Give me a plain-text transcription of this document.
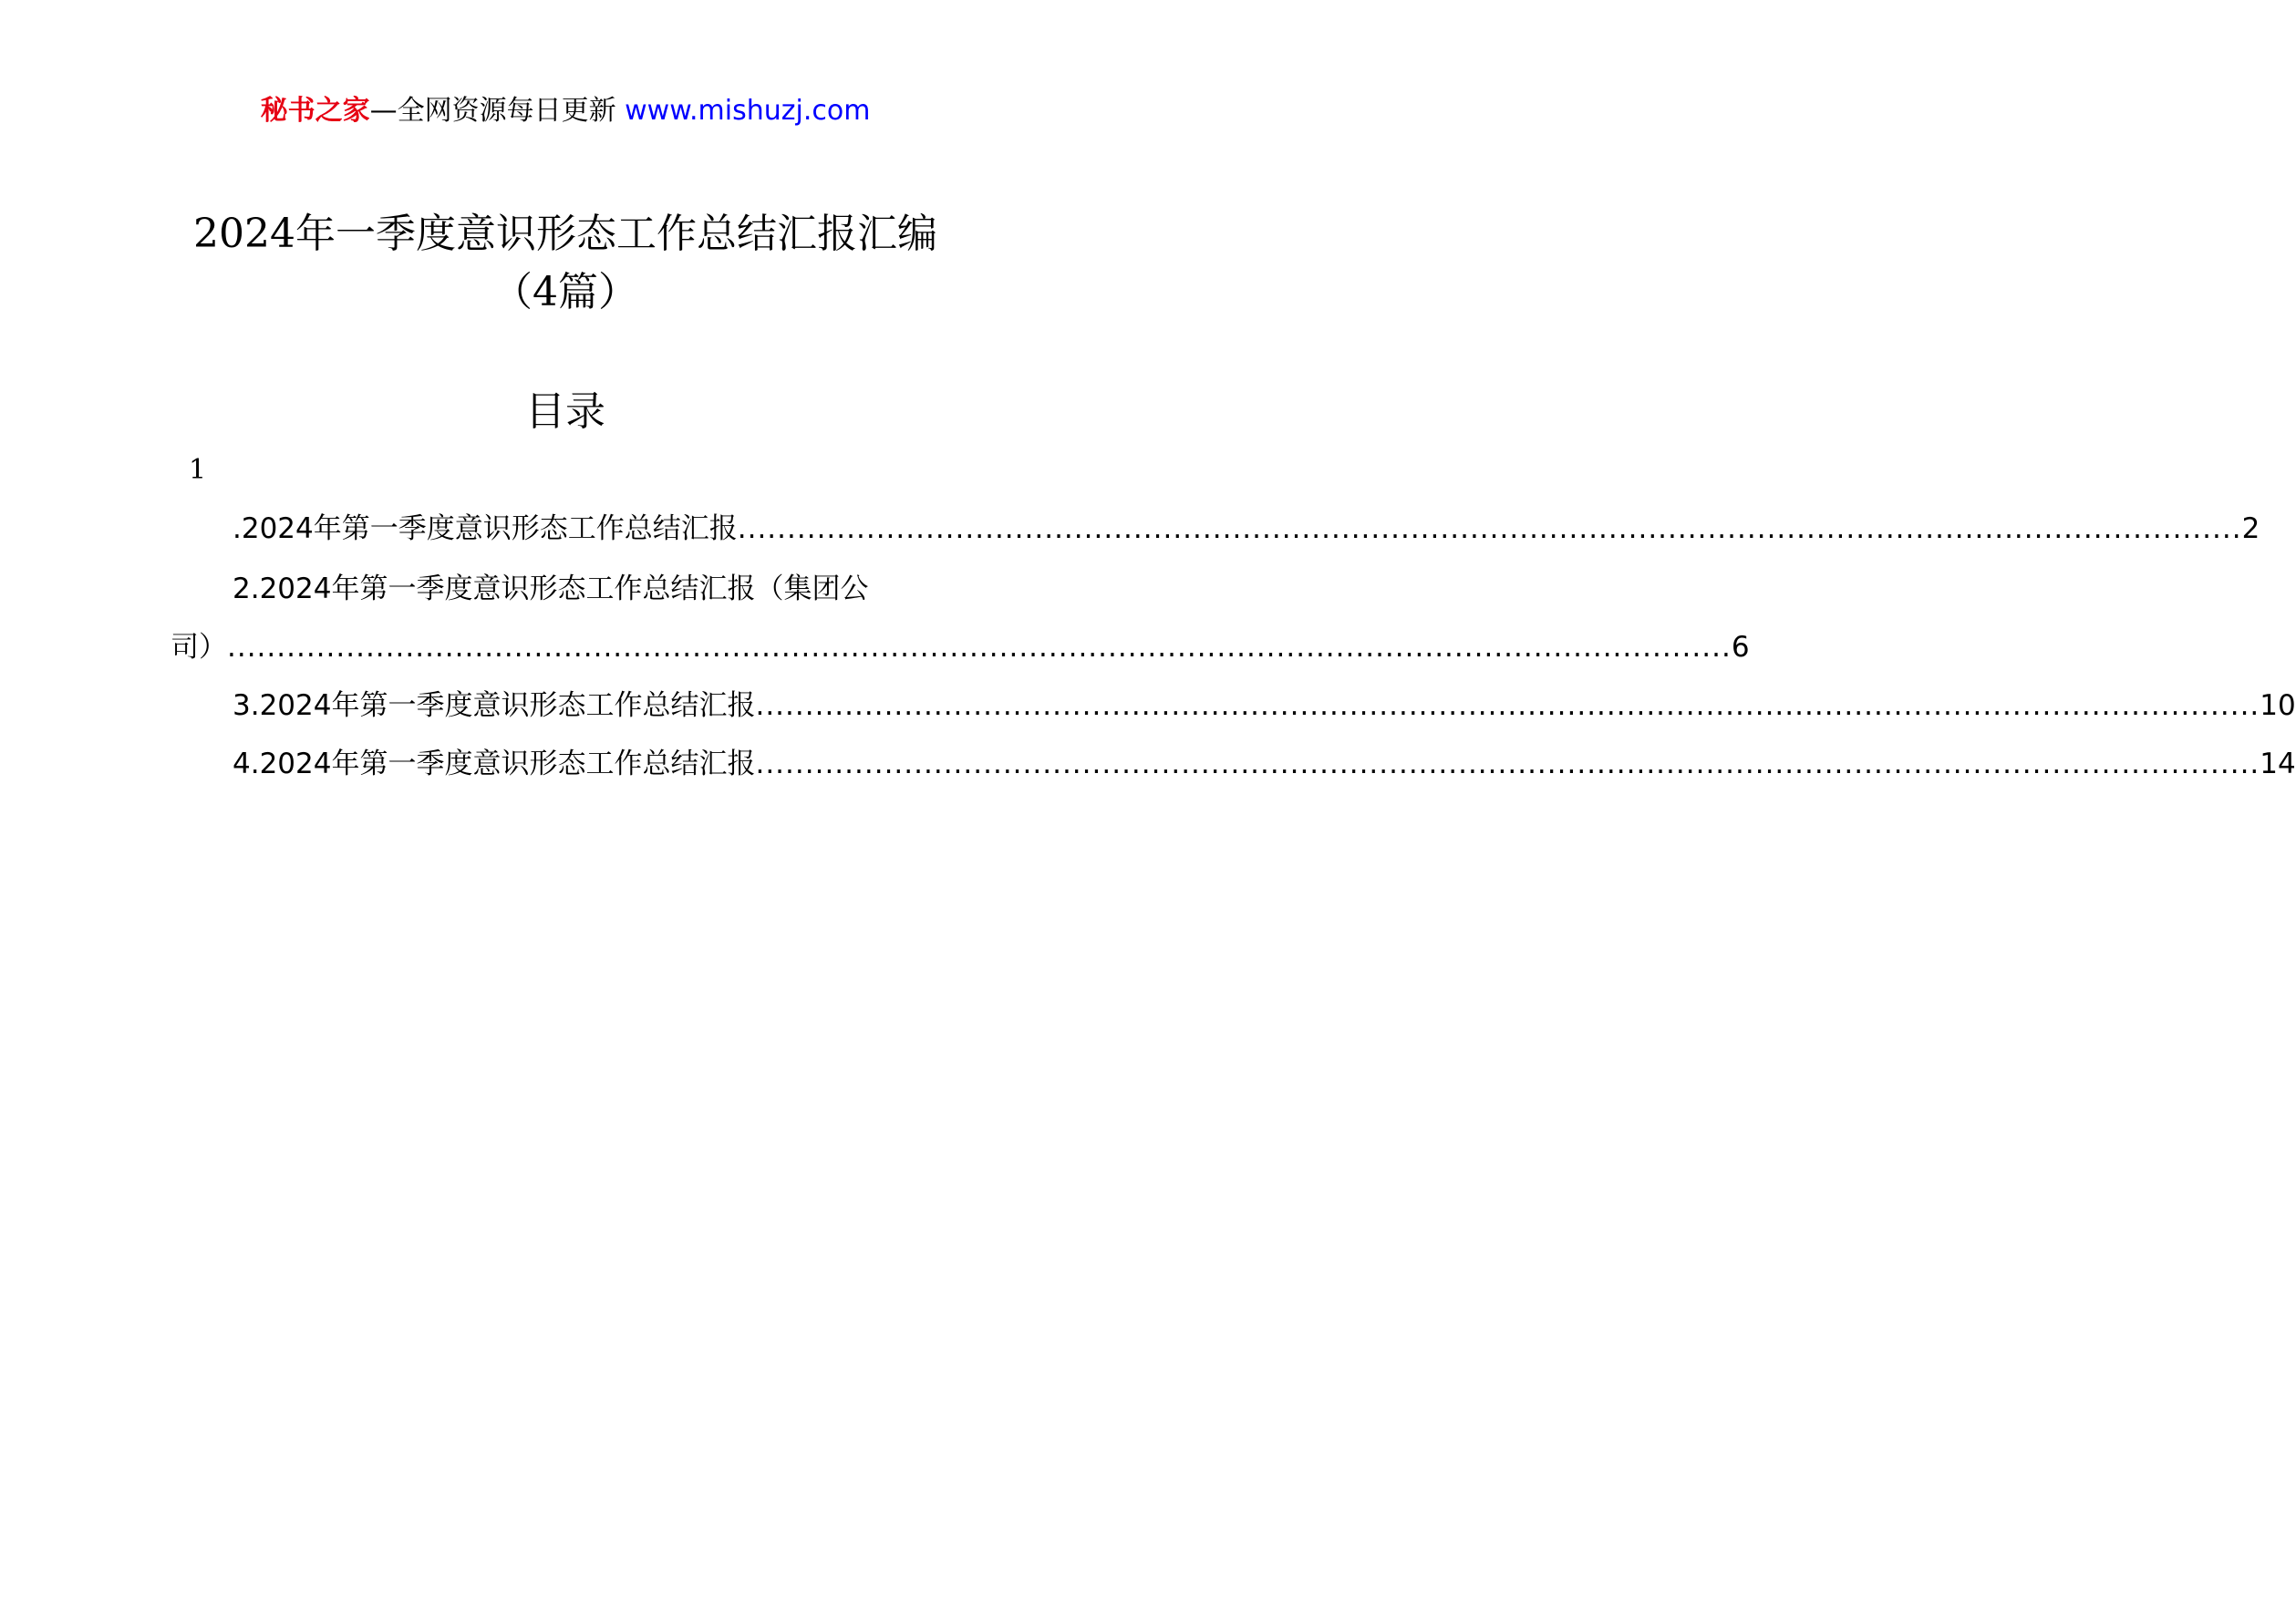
秘书之家—全网资源每日更新 www.mishuzj.com
2024年一季度意识形态工作总结汇报汇编
（4篇）
目录
1
.2024年第一季度意识形态工作总结汇报 ........................................................................................................................................................ 2
2.2024年第一季度意识形态工作总结汇报（集团公
司） ........................................................................................................................................................ 6
3.2024年第一季度意识形态工作总结汇报 ........................................................................................................................................................ 10
4.2024年第一季度意识形态工作总结汇报 ........................................................................................................................................................ 14
